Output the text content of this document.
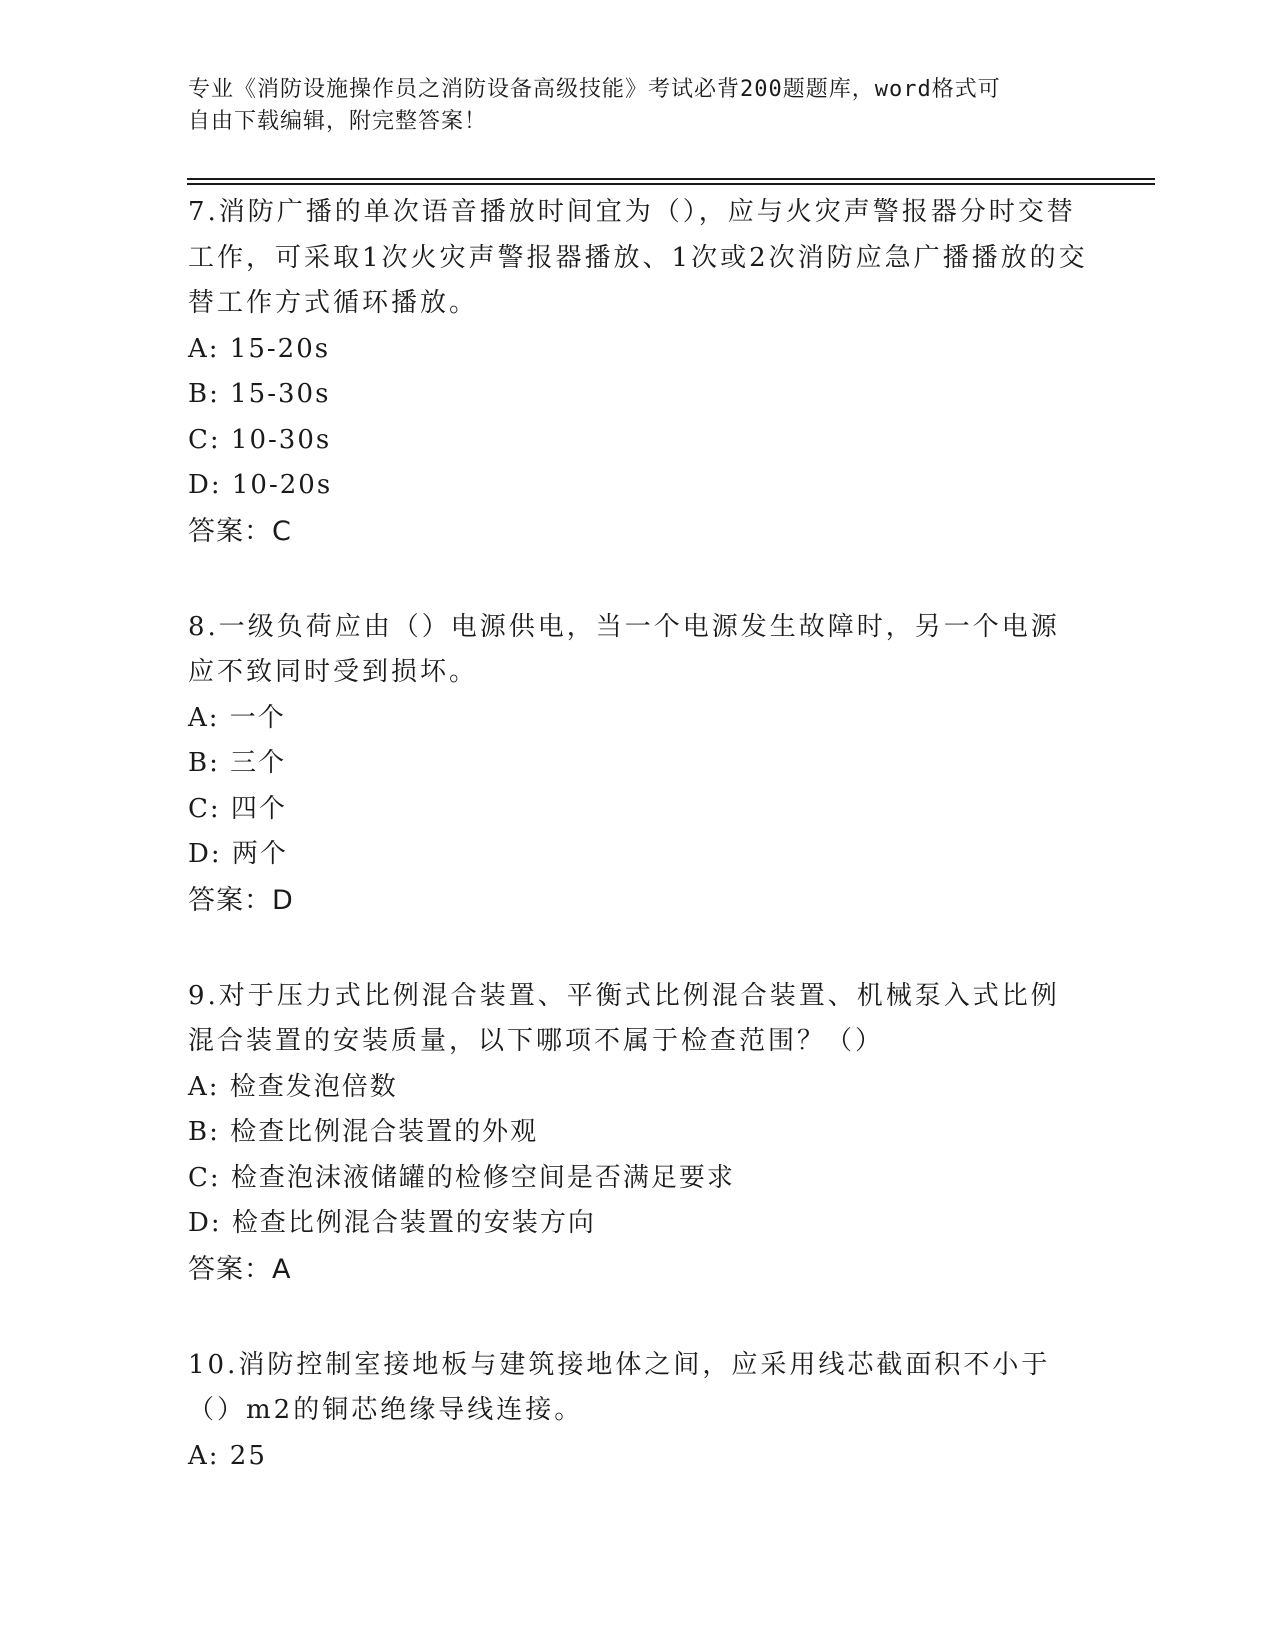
专业《消防设施操作员之消防设备高级技能》考试必背200题题库，word格式可
自由下载编辑，附完整答案！
7.消防广播的单次语音播放时间宜为（），应与火灾声警报器分时交替工作，可采取1次火灾声警报器播放、1次或2次消防应急广播播放的交替工作方式循环播放。
A: 15-20s
B: 15-30s
C: 10-30s
D: 10-20s
答案：C
8.一级负荷应由（）电源供电，当一个电源发生故障时，另一个电源应不致同时受到损坏。
A: 一个
B: 三个
C: 四个
D: 两个
答案：D
9.对于压力式比例混合装置、平衡式比例混合装置、机械泵入式比例混合装置的安装质量，以下哪项不属于检查范围？（）
A: 检查发泡倍数
B: 检查比例混合装置的外观
C: 检查泡沫液储罐的检修空间是否满足要求
D: 检查比例混合装置的安装方向
答案：A
10.消防控制室接地板与建筑接地体之间，应采用线芯截面积不小于（）m2的铜芯绝缘导线连接。
A: 25
